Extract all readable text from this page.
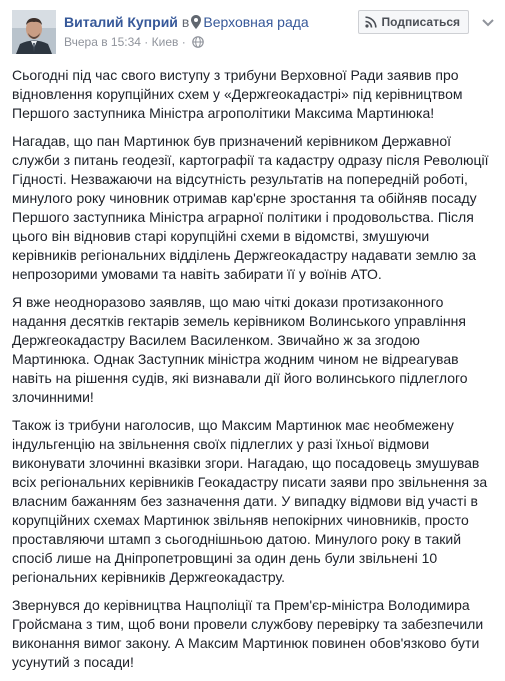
Виталий Куприй в Верховная рада
Вчера в 15:34 · Киев ·
Подписаться

Сьогодні під час свого виступу з трибуни Верховної Ради заявив про відновлення корупційних схем у «Держгеокадастрі» під керівництвом Першого заступника Міністра агрополітики Максима Мартинюка!

Нагадав, що пан Мартинюк був призначений керівником Державної служби з питань геодезії, картографії та кадастру одразу після Революції Гідності. Незважаючи на відсутність результатів на попередній роботі, минулого року чиновник отримав кар'єрне зростання та обійняв посаду Першого заступника Міністра аграрної політики і продовольства. Після цього він відновив старі корупційні схеми в відомстві, змушуючи керівників регіональних відділень Держгеокадастру надавати землю за непрозорими умовами та навіть забирати її у воїнів АТО.

Я вже неодноразово заявляв, що маю чіткі докази протизаконного надання десятків гектарів земель керівником Волинського управління Держгеокадастру Василем Василенком. Звичайно ж за згодою Мартинюка. Однак Заступник міністра жодним чином не відреагував навіть на рішення судів, які визнавали дії його волинського підлеглого злочинними!

Також із трибуни наголосив, що Максим Мартинюк має необмежену індульгенцію на звільнення своїх підлеглих у разі їхньої відмови виконувати злочинні вказівки згори. Нагадаю, що посадовець змушував всіх регіональних керівників Геокадастру писати заяви про звільнення за власним бажанням без зазначення дати. У випадку відмови від участі в корупційних схемах Мартинюк звільняв непокірних чиновників, просто проставляючи штамп з сьогоднішньою датою. Минулого року в такий спосіб лише на Дніпропетровщині за один день були звільнені 10 регіональних керівників Держгеокадастру.

Звернувся до керівництва Нацполіції та Прем'єр-міністра Володимира Гройсмана з тим, щоб вони провели службову перевірку та забезпечили виконання вимог закону. А Максим Мартинюк повинен обов'язково бути усунутий з посади!
